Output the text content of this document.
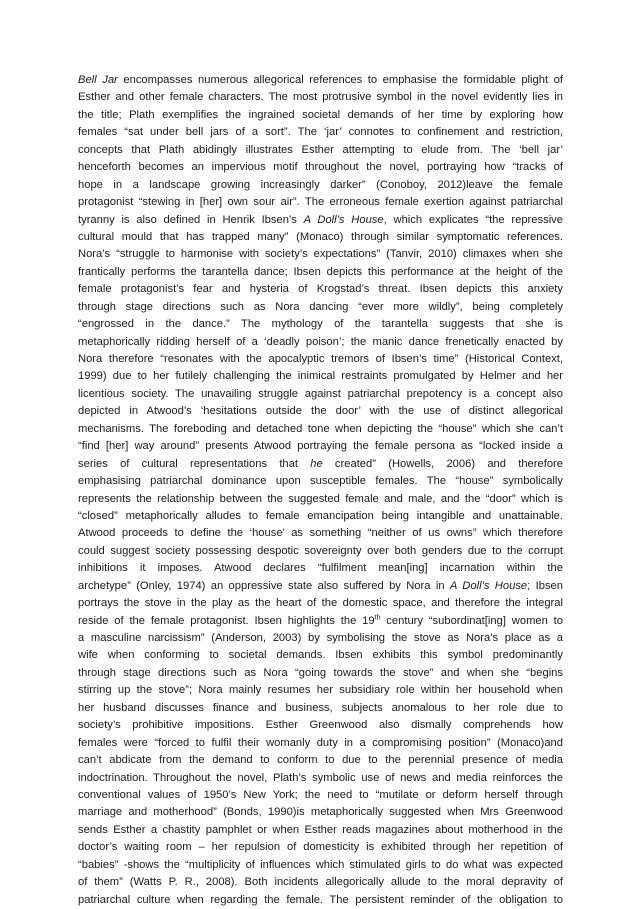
Bell Jar encompasses numerous allegorical references to emphasise the formidable plight of
Esther and other female characters. The most protrusive symbol in the novel evidently lies in
the title; Plath exemplifies the ingrained societal demands of her time by exploring how
females “sat under bell jars of a sort”. The ‘jar’ connotes to confinement and restriction,
concepts that Plath abidingly illustrates Esther attempting to elude from. The ‘bell jar’
henceforth becomes an impervious motif throughout the novel, portraying how “tracks of
hope in a landscape growing increasingly darker” (Conoboy, 2012)leave the female
protagonist “stewing in [her] own sour air”. The erroneous female exertion against patriarchal
tyranny is also defined in Henrik Ibsen’s A Doll’s House, which explicates “the repressive
cultural mould that has trapped many” (Monaco) through similar symptomatic references.
Nora’s “struggle to harmonise with society’s expectations” (Tanvir, 2010) climaxes when she
frantically performs the tarantella dance; Ibsen depicts this performance at the height of the
female protagonist’s fear and hysteria of Krogstad’s threat. Ibsen depicts this anxiety
through stage directions such as Nora dancing “ever more wildly”, being completely
“engrossed in the dance.” The mythology of the tarantella suggests that she is
metaphorically ridding herself of a ‘deadly poison’; the manic dance frenetically enacted by
Nora therefore “resonates with the apocalyptic tremors of Ibsen’s time” (Historical Context,
1999) due to her futilely challenging the inimical restraints promulgated by Helmer and her
licentious society. The unavailing struggle against patriarchal prepotency is a concept also
depicted in Atwood’s ‘hesitations outside the door’ with the use of distinct allegorical
mechanisms. The foreboding and detached tone when depicting the “house” which she can’t
“find [her] way around” presents Atwood portraying the female persona as “locked inside a
series of cultural representations that he created” (Howells, 2006) and therefore
emphasising patriarchal dominance upon susceptible females. The “house” symbolically
represents the relationship between the suggested female and male, and the “door” which is
“closed” metaphorically alludes to female emancipation being intangible and unattainable.
Atwood proceeds to define the ‘house’ as something “neither of us owns” which therefore
could suggest society possessing despotic sovereignty over both genders due to the corrupt
inhibitions it imposes. Atwood declares “fulfilment mean[ing] incarnation within the
archetype” (Onley, 1974) an oppressive state also suffered by Nora in A Doll’s House; Ibsen
portrays the stove in the play as the heart of the domestic space, and therefore the integral
reside of the female protagonist. Ibsen highlights the 19th century “subordinat[ing] women to
a masculine narcissism” (Anderson, 2003) by symbolising the stove as Nora’s place as a
wife when conforming to societal demands. Ibsen exhibits this symbol predominantly
through stage directions such as Nora “going towards the stove” and when she “begins
stirring up the stove”; Nora mainly resumes her subsidiary role within her household when
her husband discusses finance and business, subjects anomalous to her role due to
society’s prohibitive impositions. Esther Greenwood also dismally comprehends how
females were “forced to fulfil their womanly duty in a compromising position” (Monaco)and
can’t abdicate from the demand to conform to due to the perennial presence of media
indoctrination. Throughout the novel, Plath’s symbolic use of news and media reinforces the
conventional values of 1950’s New York; the need to “mutilate or deform herself through
marriage and motherhood” (Bonds, 1990)is metaphorically suggested when Mrs Greenwood
sends Esther a chastity pamphlet or when Esther reads magazines about motherhood in the
doctor’s waiting room – her repulsion of domesticity is exhibited through her repetition of
“babies” -shows the “multiplicity of influences which stimulated girls to do what was expected
of them” (Watts P. R., 2008). Both incidents allegorically allude to the moral depravity of
patriarchal culture when regarding the female. The persistent reminder of the obligation to
